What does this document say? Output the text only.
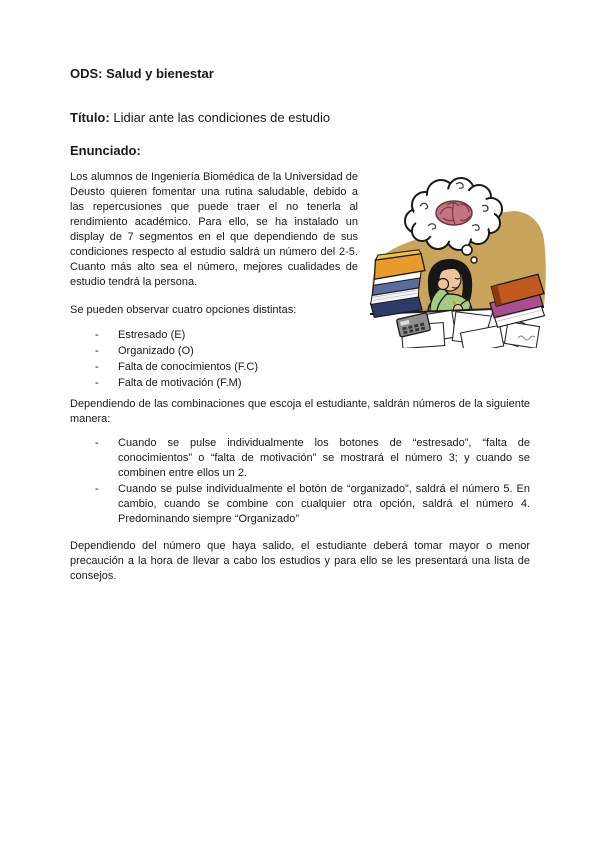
ODS: Salud y bienestar

Título: Lidiar ante las condiciones de estudio

Enunciado:

Los alumnos de Ingeniería Biomédica de la Universidad de Deusto quieren fomentar una rutina saludable, debido a las repercusiones que puede traer el no tenerla al rendimiento académico. Para ello, se ha instalado un display de 7 segmentos en el que dependiendo de sus condiciones respecto al estudio saldrá un número del 2-5. Cuanto más alto sea el número, mejores cualidades de estudio tendrá la persona.

Se pueden observar cuatro opciones distintas:

- Estresado (E)
- Organizado (O)
- Falta de conocimientos (F.C)
- Falta de motivación (F.M)

Dependiendo de las combinaciones que escoja el estudiante, saldrán números de la siguiente manera:

- Cuando se pulse individualmente los botones de “estresado”, “falta de conocimientos” o “falta de motivación” se mostrará el número 3; y cuando se combinen entre ellos un 2.
- Cuando se pulse individualmente el botón de “organizado”, saldrá el número 5. En cambio, cuando se combine con cualquier otra opción, saldrá el número 4. Predominando siempre “Organizado”

Dependiendo del número que haya salido, el estudiante deberá tomar mayor o menor precaución a la hora de llevar a cabo los estudios y para ello se les presentará una lista de consejos.
